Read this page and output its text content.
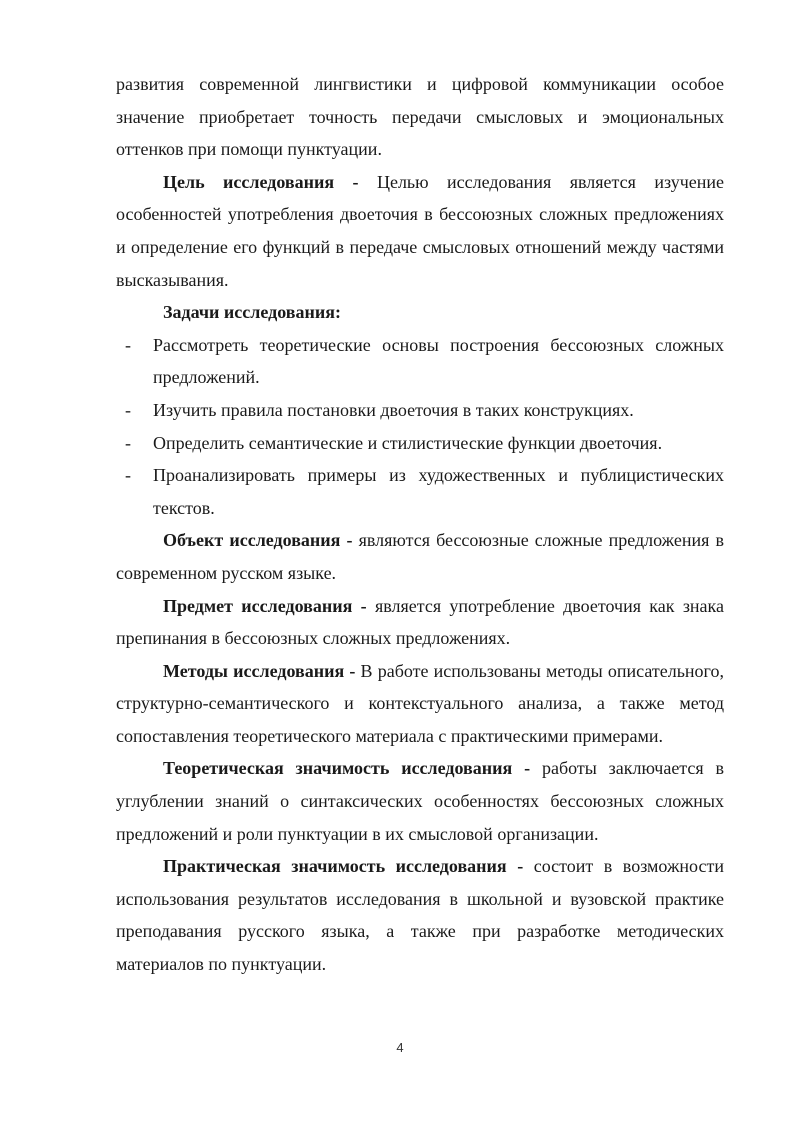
развития современной лингвистики и цифровой коммуникации особое значение приобретает точность передачи смысловых и эмоциональных оттенков при помощи пунктуации.

Цель исследования - Целью исследования является изучение особенностей употребления двоеточия в бессоюзных сложных предложениях и определение его функций в передаче смысловых отношений между частями высказывания.

Задачи исследования:

- Рассмотреть теоретические основы построения бессоюзных сложных предложений.
- Изучить правила постановки двоеточия в таких конструкциях.
- Определить семантические и стилистические функции двоеточия.
- Проанализировать примеры из художественных и публицистических текстов.

Объект исследования - являются бессоюзные сложные предложения в современном русском языке.

Предмет исследования - является употребление двоеточия как знака препинания в бессоюзных сложных предложениях.

Методы исследования - В работе использованы методы описательного, структурно-семантического и контекстуального анализа, а также метод сопоставления теоретического материала с практическими примерами.

Теоретическая значимость исследования - работы заключается в углублении знаний о синтаксических особенностях бессоюзных сложных предложений и роли пунктуации в их смысловой организации.

Практическая значимость исследования - состоит в возможности использования результатов исследования в школьной и вузовской практике преподавания русского языка, а также при разработке методических материалов по пунктуации.

4
